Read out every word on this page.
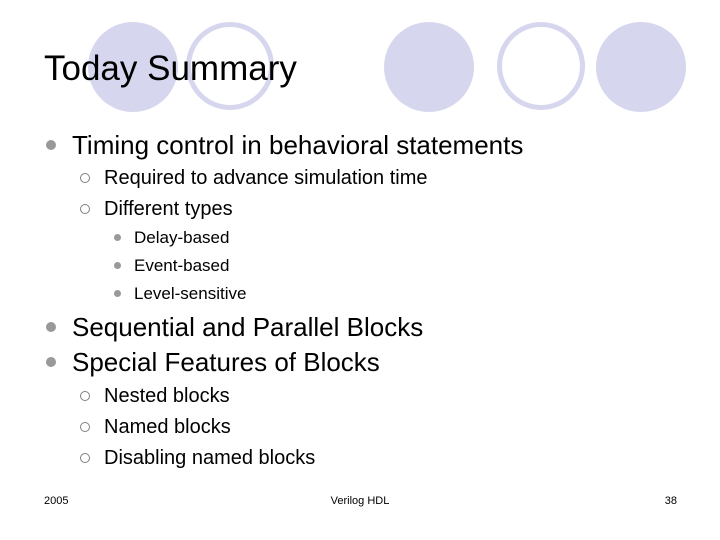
Today Summary
Timing control in behavioral statements
Required to advance simulation time
Different types
Delay-based
Event-based
Level-sensitive
Sequential and Parallel Blocks
Special Features of Blocks
Nested blocks
Named blocks
Disabling named blocks
2005	Verilog HDL	38
